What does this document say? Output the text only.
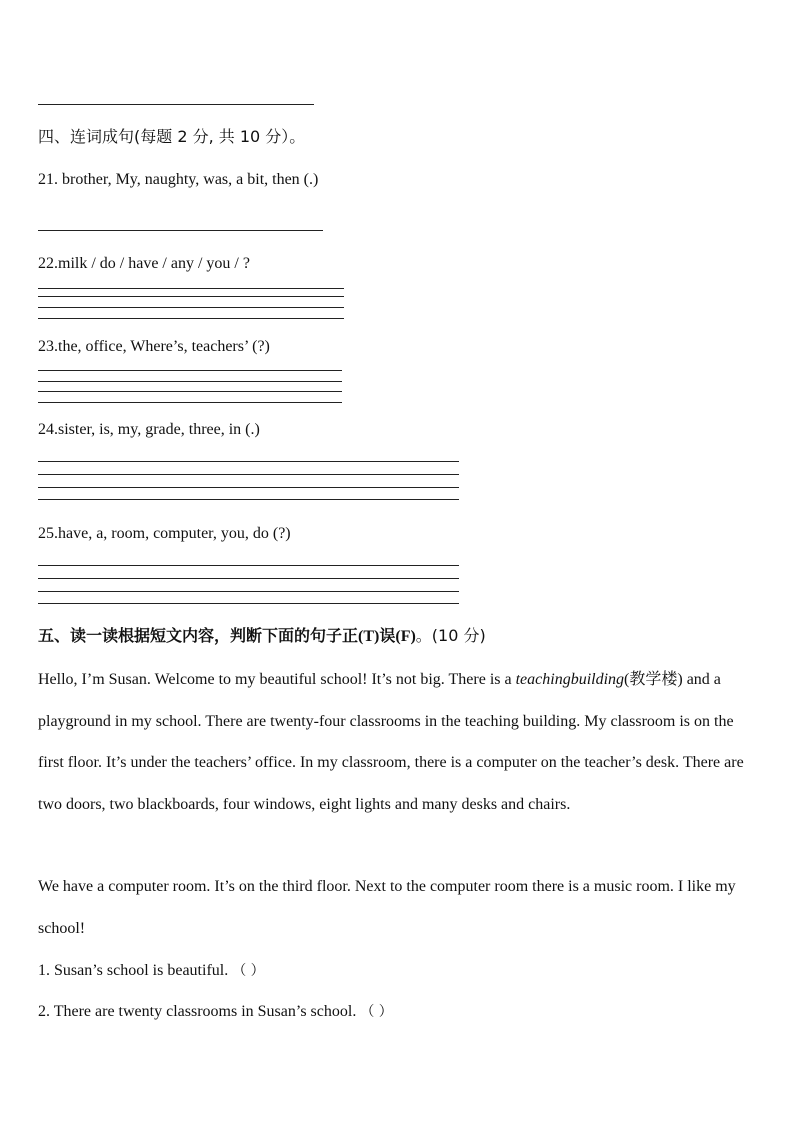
四、连词成句(每题 2 分, 共 10 分）。
21. brother, My, naughty, was, a bit, then (.)
22.milk / do / have / any / you / ?
23.the, office, Where’s, teachers’ (?)
24.sister, is, my, grade, three, in (.)
25.have, a, room, computer, you, do (?)
五、读一读根据短文内容，判断下面的句子正(T)误(F)。(10 分)
Hello, I’m Susan. Welcome to my beautiful school! It’s not big. There is a teachingbuilding(教学楼) and a playground in my school. There are twenty-four classrooms in the teaching building. My classroom is on the first floor. It’s under the teachers’ office. In my classroom, there is a computer on the teacher’s desk. There are two doors, two blackboards, four windows, eight lights and many desks and chairs.
We have a computer room. It’s on the third floor. Next to the computer room there is a music room. I like my school!
1. Susan’s school is beautiful. （ ）
2. There are twenty classrooms in Susan’s school. （ ）
